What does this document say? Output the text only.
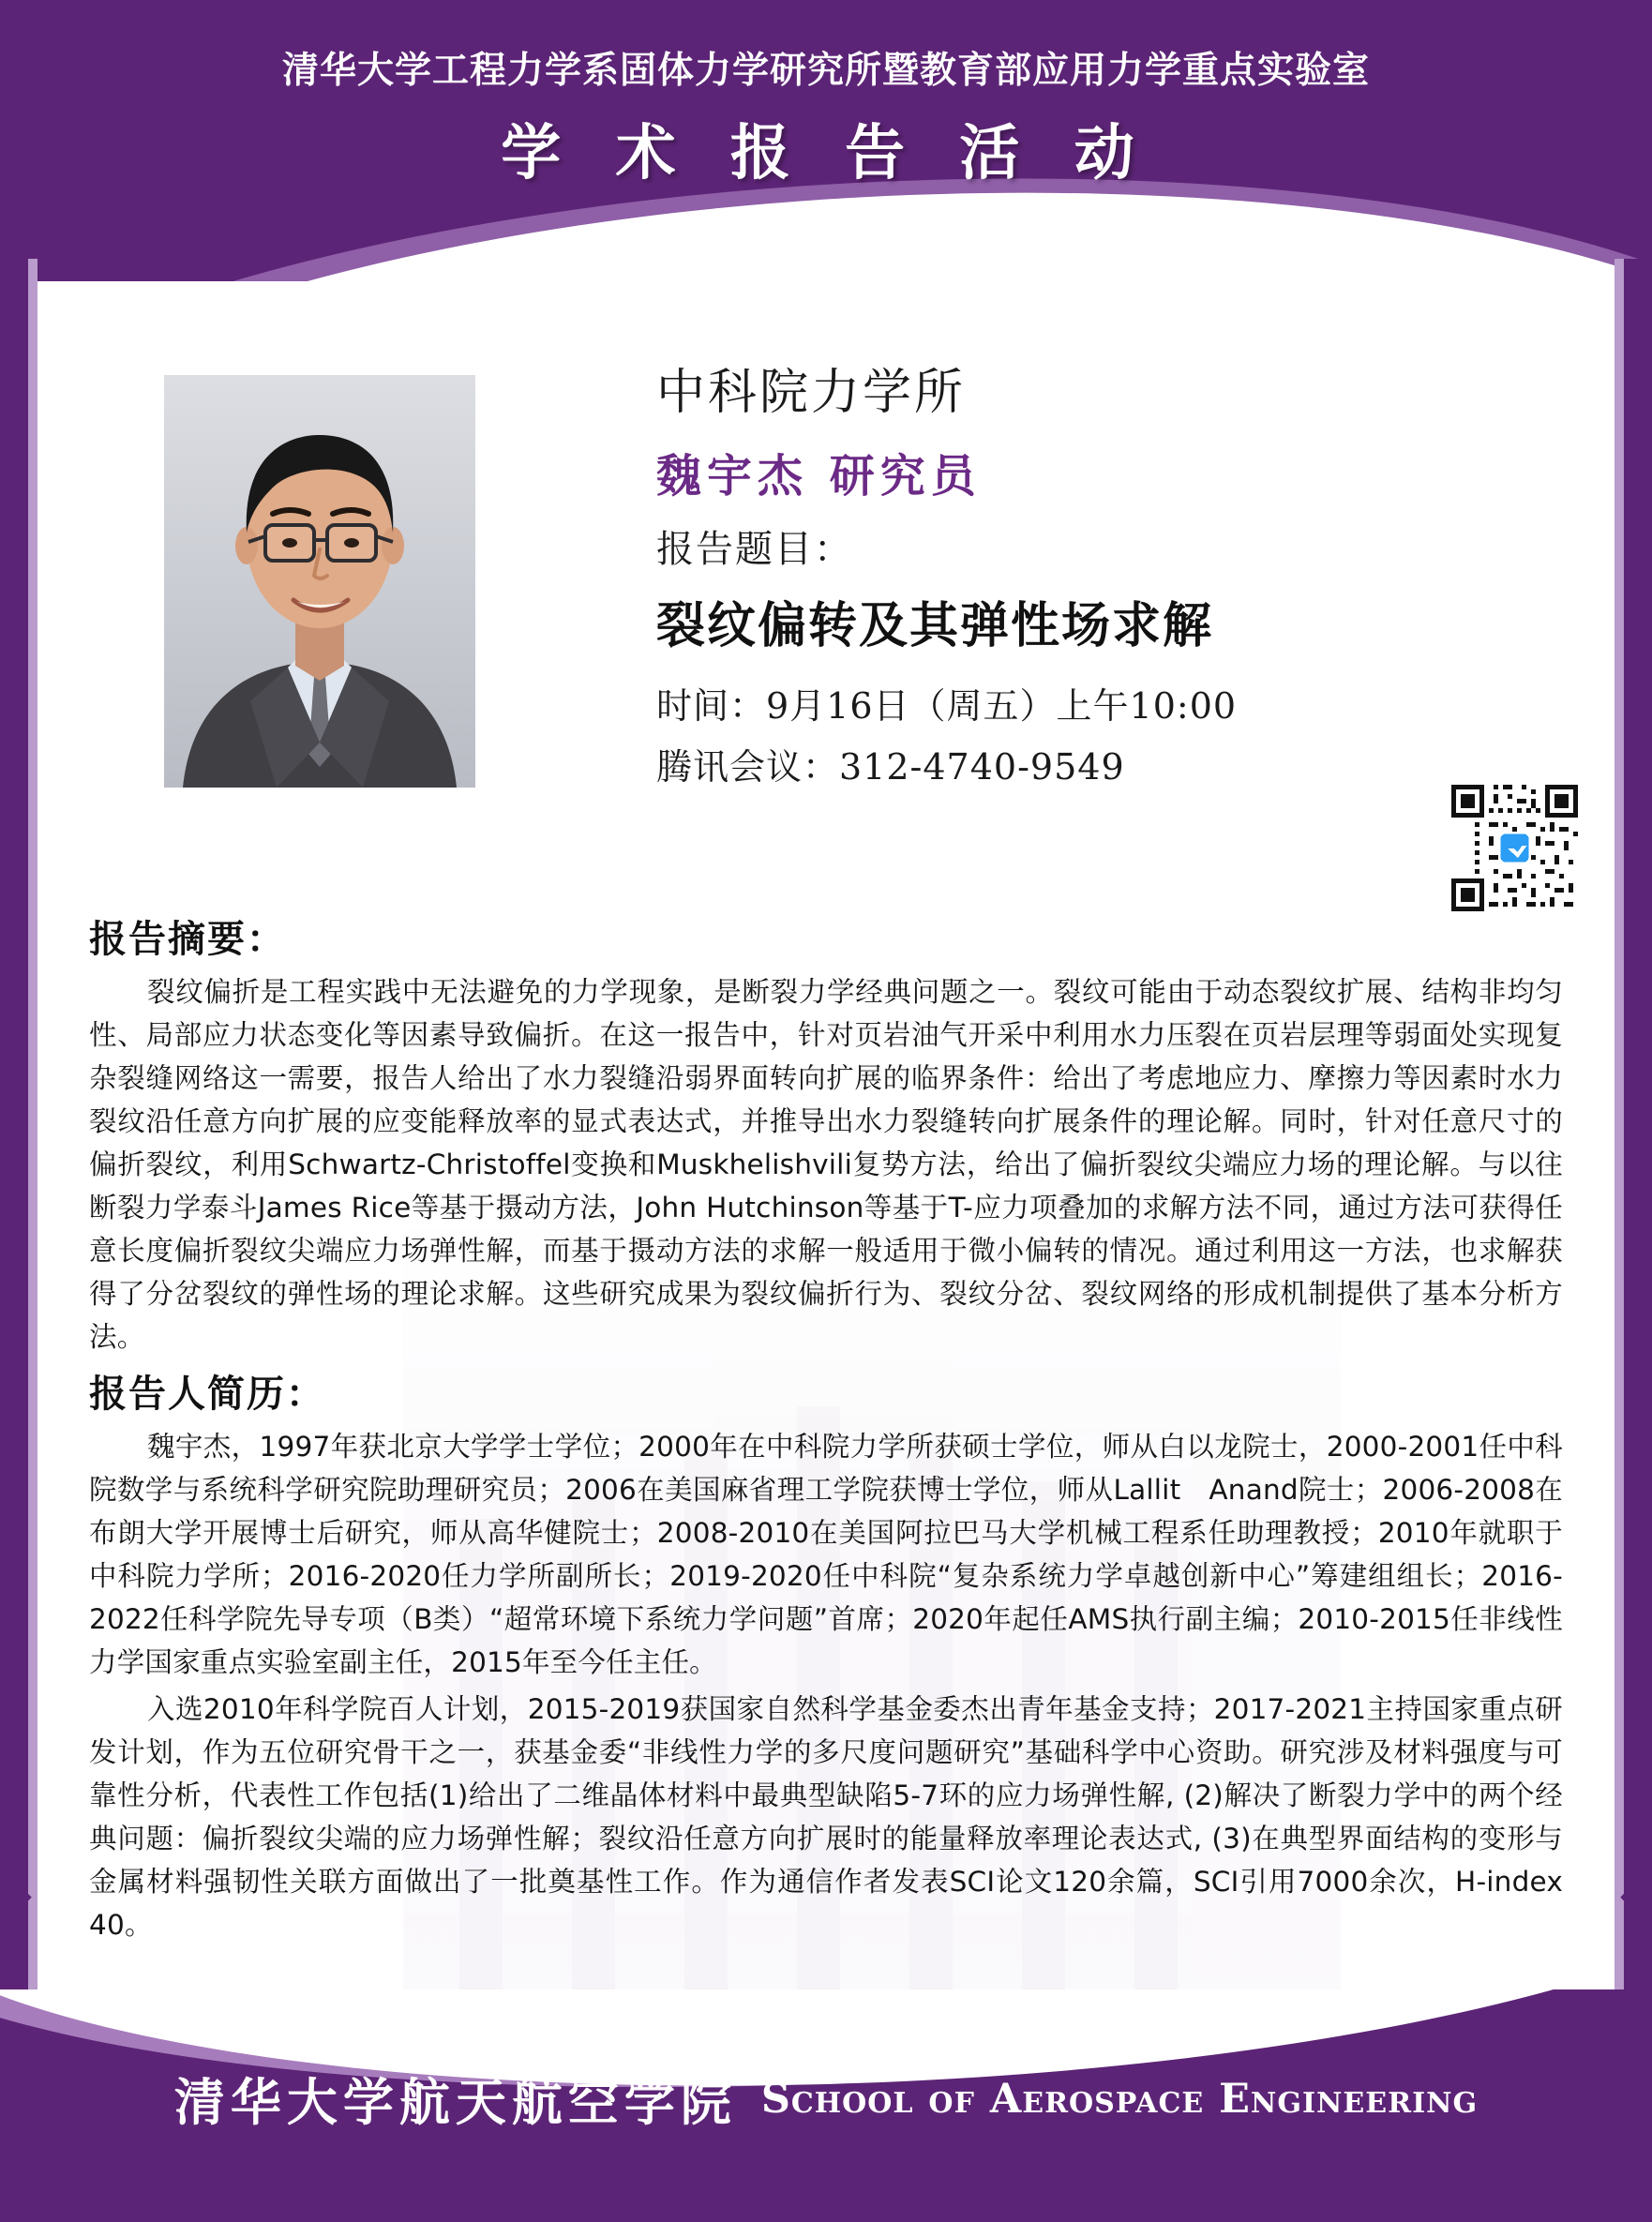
清华大学工程力学系固体力学研究所暨教育部应用力学重点实验室
学 术 报 告 活 动
中科院力学所
魏宇杰 研究员
报告题目：
裂纹偏转及其弹性场求解
时间：9月16日（周五）上午10:00
腾讯会议：312-4740-9549
报告摘要：

裂纹偏折是工程实践中无法避免的力学现象，是断裂力学经典问题之一。裂纹可能由于动态裂纹扩展、结构非均匀性、局部应力状态变化等因素导致偏折。在这一报告中，针对页岩油气开采中利用水力压裂在页岩层理等弱面处实现复杂裂缝网络这一需要，报告人给出了水力裂缝沿弱界面转向扩展的临界条件：给出了考虑地应力、摩擦力等因素时水力裂纹沿任意方向扩展的应变能释放率的显式表达式，并推导出水力裂缝转向扩展条件的理论解。同时，针对任意尺寸的偏折裂纹，利用Schwartz-Christoffel变换和Muskhelishvili复势方法，给出了偏折裂纹尖端应力场的理论解。与以往断裂力学泰斗James Rice等基于摄动方法，John Hutchinson等基于T-应力项叠加的求解方法不同，通过方法可获得任意长度偏折裂纹尖端应力场弹性解，而基于摄动方法的求解一般适用于微小偏转的情况。通过利用这一方法，也求解获得了分岔裂纹的弹性场的理论求解。这些研究成果为裂纹偏折行为、裂纹分岔、裂纹网络的形成机制提供了基本分析方法。

报告人简历：

魏宇杰，1997年获北京大学学士学位；2000年在中科院力学所获硕士学位，师从白以龙院士，2000-2001任中科院数学与系统科学研究院助理研究员；2006在美国麻省理工学院获博士学位，师从Lallit　Anand院士；2006-2008在布朗大学开展博士后研究，师从高华健院士；2008-2010在美国阿拉巴马大学机械工程系任助理教授；2010年就职于中科院力学所；2016-2020任力学所副所长；2019-2020任中科院“复杂系统力学卓越创新中心”筹建组组长；2016-2022任科学院先导专项（B类）“超常环境下系统力学问题”首席；2020年起任AMS执行副主编；2010-2015任非线性力学国家重点实验室副主任，2015年至今任主任。

入选2010年科学院百人计划，2015-2019获国家自然科学基金委杰出青年基金支持；2017-2021主持国家重点研发计划，作为五位研究骨干之一，获基金委“非线性力学的多尺度问题研究”基础科学中心资助。研究涉及材料强度与可靠性分析，代表性工作包括(1)给出了二维晶体材料中最典型缺陷5-7环的应力场弹性解, (2)解决了断裂力学中的两个经典问题：偏折裂纹尖端的应力场弹性解；裂纹沿任意方向扩展时的能量释放率理论表达式, (3)在典型界面结构的变形与金属材料强韧性关联方面做出了一批奠基性工作。作为通信作者发表SCI论文120余篇，SCI引用7000余次，H-index 40。

清华大学航天航空学院 School of Aerospace Engineering
